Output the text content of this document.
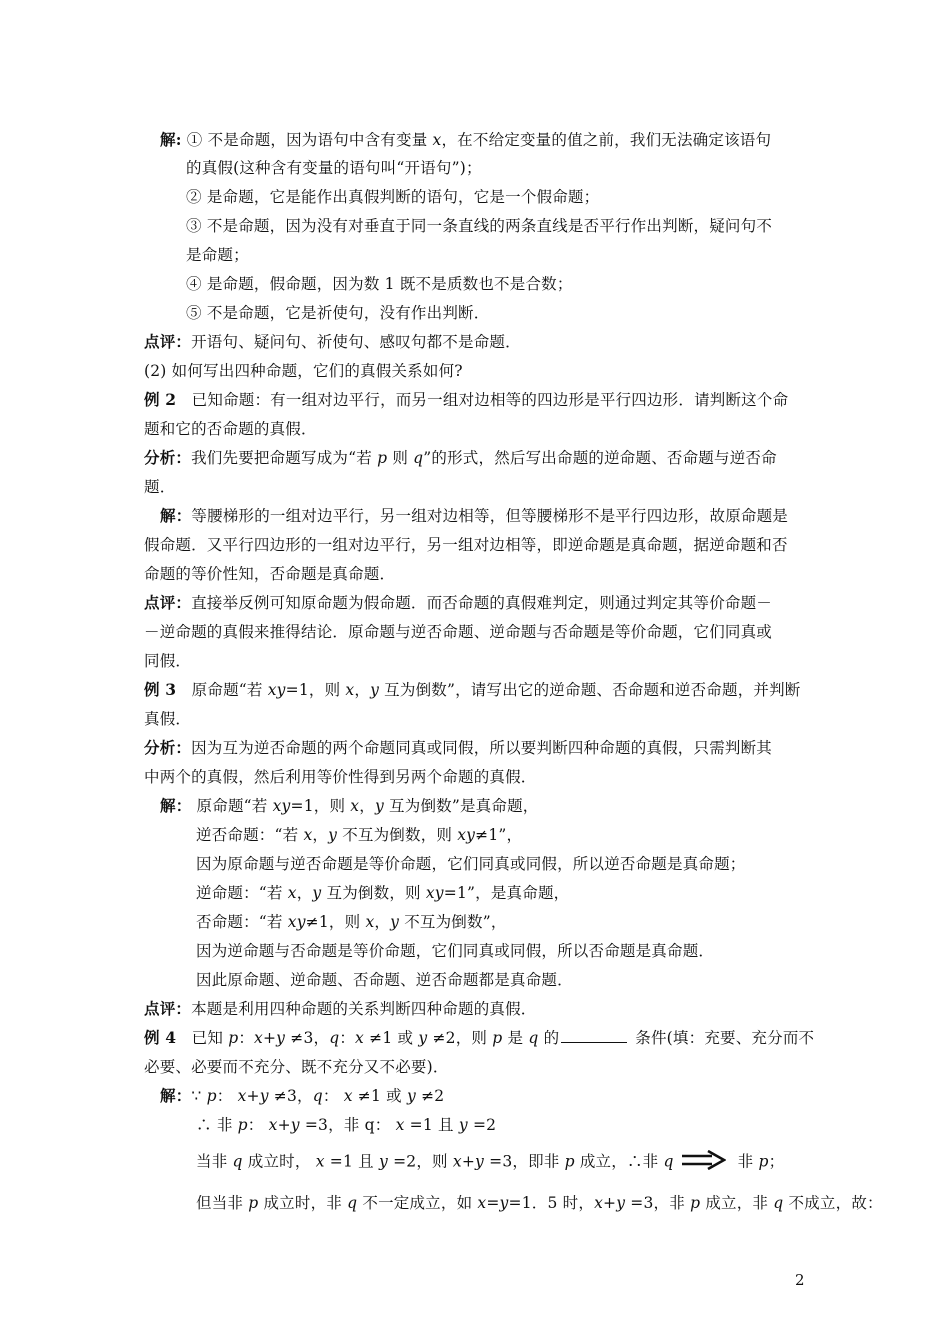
解: ① 不是命题，因为语句中含有变量 x，在不给定变量的值之前，我们无法确定该语句
的真假(这种含有变量的语句叫“开语句”)；
② 是命题，它是能作出真假判断的语句，它是一个假命题；
③ 不是命题，因为没有对垂直于同一条直线的两条直线是否平行作出判断，疑问句不
是命题；
④ 是命题，假命题，因为数 1 既不是质数也不是合数；
⑤ 不是命题，它是祈使句，没有作出判断．
点评：开语句、疑问句、祈使句、感叹句都不是命题．
(2) 如何写出四种命题，它们的真假关系如何?
例 2 已知命题：有一组对边平行，而另一组对边相等的四边形是平行四边形．请判断这个命
题和它的否命题的真假．
分析：我们先要把命题写成为“若 p 则 q”的形式，然后写出命题的逆命题、否命题与逆否命
题．
解：等腰梯形的一组对边平行，另一组对边相等，但等腰梯形不是平行四边形，故原命题是
假命题．又平行四边形的一组对边平行，另一组对边相等，即逆命题是真命题，据逆命题和否
命题的等价性知，否命题是真命题．
点评：直接举反例可知原命题为假命题．而否命题的真假难判定，则通过判定其等价命题－
－逆命题的真假来推得结论．原命题与逆否命题、逆命题与否命题是等价命题，它们同真或
同假．
例 3 原命题“若 xy=1，则 x，y 互为倒数”，请写出它的逆命题、否命题和逆否命题，并判断
真假．
分析：因为互为逆否命题的两个命题同真或同假，所以要判断四种命题的真假，只需判断其
中两个的真假，然后利用等价性得到另两个命题的真假．
解： 原命题“若 xy=1，则 x，y 互为倒数”是真命题，
逆否命题：“若 x，y 不互为倒数，则 xy≠1”，
因为原命题与逆否命题是等价命题，它们同真或同假，所以逆否命题是真命题；
逆命题：“若 x，y 互为倒数，则 xy=1”，是真命题，
否命题：“若 xy≠1，则 x，y 不互为倒数”，
因为逆命题与否命题是等价命题，它们同真或同假，所以否命题是真命题．
因此原命题、逆命题、否命题、逆否命题都是真命题．
点评：本题是利用四种命题的关系判断四种命题的真假．
例 4 已知 p：x+y ≠3，q：x ≠1 或 y ≠2，则 p 是 q 的	条件(填：充要、充分而不
必要、必要而不充分、既不充分又不必要)．
解：∵ p： x+y ≠3，q： x ≠1 或 y ≠2
∴ 非 p： x+y =3，非 q： x =1 且 y =2
当非 q 成立时， x =1 且 y =2，则 x+y =3，即非 p 成立，∴非 q	非 p；
但当非 p 成立时，非 q 不一定成立，如 x=y=1．5 时，x+y =3，非 p 成立，非 q 不成立，故：
2
